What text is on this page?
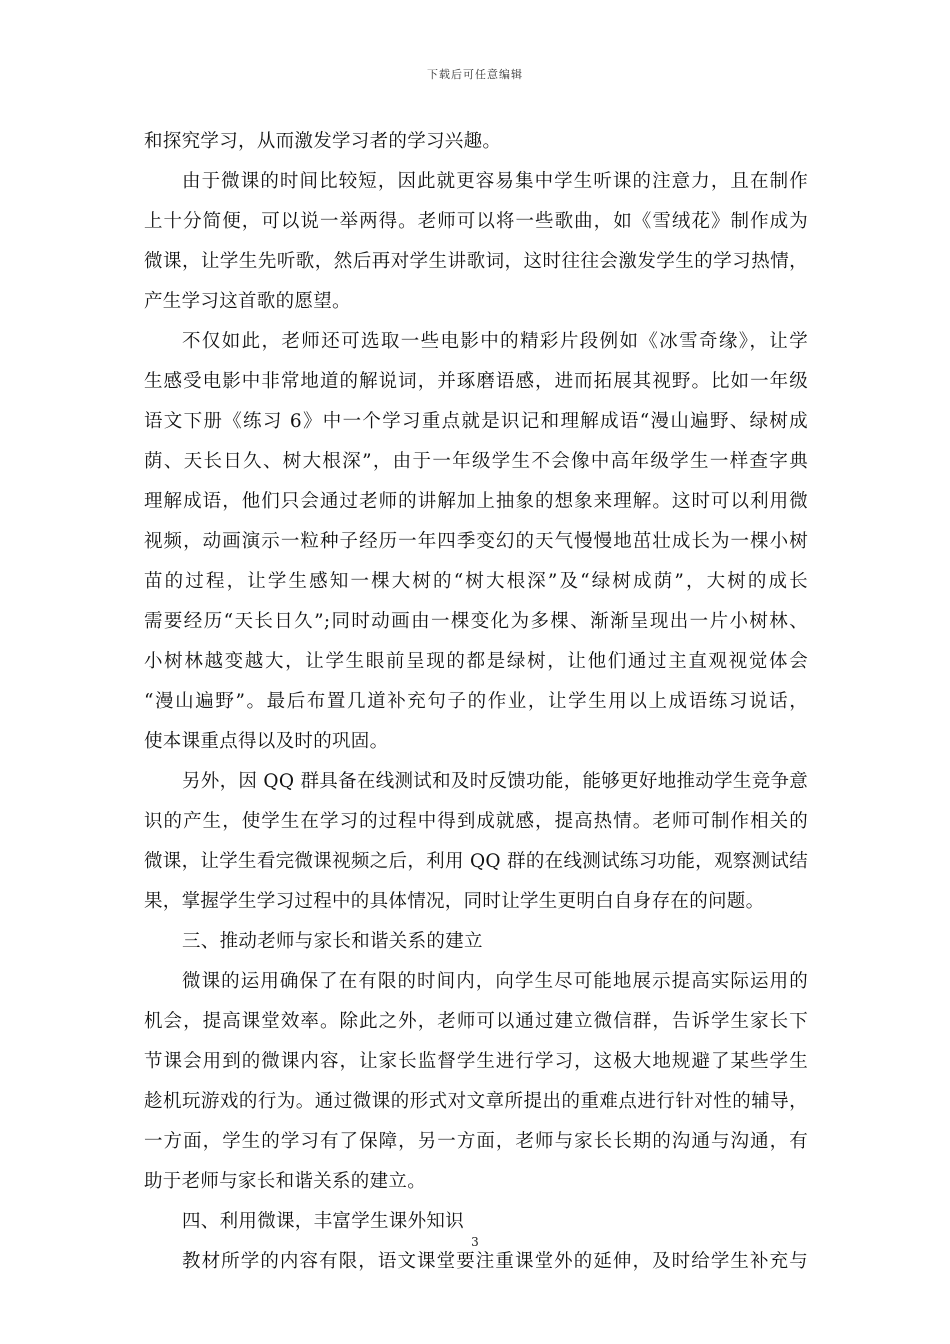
下载后可任意编辑
和探究学习，从而激发学习者的学习兴趣。
由于微课的时间比较短，因此就更容易集中学生听课的注意力，且在制作
上十分简便，可以说一举两得。老师可以将一些歌曲，如《雪绒花》制作成为
微课，让学生先听歌，然后再对学生讲歌词，这时往往会激发学生的学习热情，
产生学习这首歌的愿望。
不仅如此，老师还可选取一些电影中的精彩片段例如《冰雪奇缘》，让学
生感受电影中非常地道的解说词，并琢磨语感，进而拓展其视野。比如一年级
语文下册《练习 6》中一个学习重点就是识记和理解成语“漫山遍野、绿树成
荫、天长日久、树大根深”，由于一年级学生不会像中高年级学生一样查字典
理解成语，他们只会通过老师的讲解加上抽象的想象来理解。这时可以利用微
视频，动画演示一粒种子经历一年四季变幻的天气慢慢地茁壮成长为一棵小树
苗的过程，让学生感知一棵大树的“树大根深”及“绿树成荫”，大树的成长
需要经历“天长日久”;同时动画由一棵变化为多棵、渐渐呈现出一片小树林、
小树林越变越大，让学生眼前呈现的都是绿树，让他们通过主直观视觉体会
“漫山遍野”。最后布置几道补充句子的作业，让学生用以上成语练习说话，
使本课重点得以及时的巩固。
另外，因 QQ 群具备在线测试和及时反馈功能，能够更好地推动学生竞争意
识的产生，使学生在学习的过程中得到成就感，提高热情。老师可制作相关的
微课，让学生看完微课视频之后，利用 QQ 群的在线测试练习功能，观察测试结
果，掌握学生学习过程中的具体情况，同时让学生更明白自身存在的问题。
三、推动老师与家长和谐关系的建立
微课的运用确保了在有限的时间内，向学生尽可能地展示提高实际运用的
机会，提高课堂效率。除此之外，老师可以通过建立微信群，告诉学生家长下
节课会用到的微课内容，让家长监督学生进行学习，这极大地规避了某些学生
趁机玩游戏的行为。通过微课的形式对文章所提出的重难点进行针对性的辅导，
一方面，学生的学习有了保障，另一方面，老师与家长长期的沟通与沟通，有
助于老师与家长和谐关系的建立。
四、利用微课，丰富学生课外知识
教材所学的内容有限，语文课堂要注重课堂外的延伸，及时给学生补充与
3
